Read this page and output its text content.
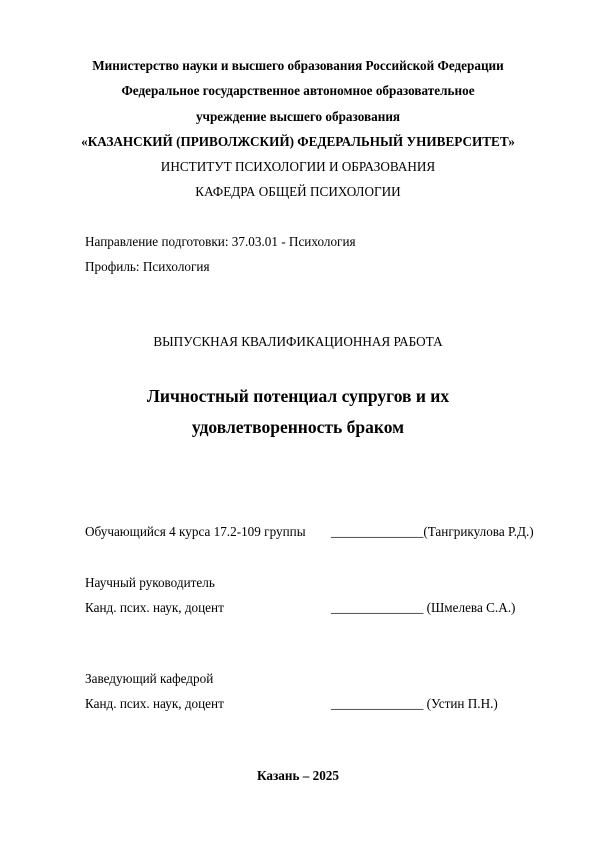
Министерство науки и высшего образования Российской Федерации
Федеральное государственное автономное образовательное
учреждение высшего образования
«КАЗАНСКИЙ (ПРИВОЛЖСКИЙ) ФЕДЕРАЛЬНЫЙ УНИВЕРСИТЕТ»
ИНСТИТУТ ПСИХОЛОГИИ И ОБРАЗОВАНИЯ
КАФЕДРА ОБЩЕЙ ПСИХОЛОГИИ
Направление подготовки: 37.03.01 - Психология
Профиль: Психология
ВЫПУСКНАЯ КВАЛИФИКАЦИОННАЯ РАБОТА
Личностный потенциал супругов и их
удовлетворенность браком
Обучающийся 4 курса 17.2-109 группы ______________(Тангрикулова Р.Д.)
Научный руководитель
Канд. псих. наук, доцент	______________ (Шмелева С.А.)
Заведующий кафедрой
Канд. псих. наук, доцент	______________ (Устин П.Н.)
Казань – 2025
